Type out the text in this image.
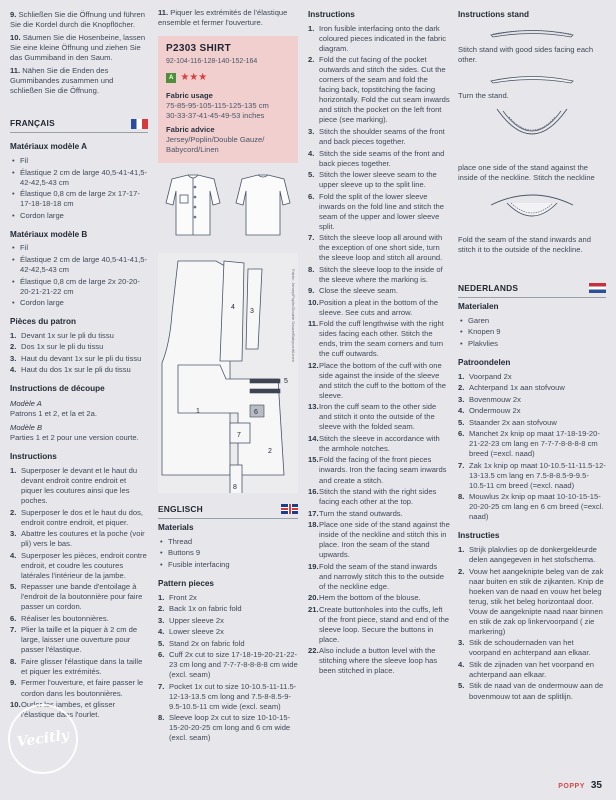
9. Schließen Sie die Öffnung und führen Sie die Kordel durch die Knopflöcher.

10. Säumen Sie die Hosenbeine, lassen Sie eine kleine Öffnung und ziehen Sie das Gummiband in den Saum.

11. Nähen Sie die Enden des Gummibandes zusammen und schließen Sie die Öffnung.

FRANÇAIS
Matériaux modèle A
• Fil
• Élastique 2 cm de large 40,5-41-41,5-42-42,5-43 cm
• Élastique 0,8 cm de large 2x 17-17-17-18-18-18 cm
• Cordon large
Matériaux modèle B
• Fil
• Élastique 2 cm de large 40,5-41-41,5-42-42,5-43 cm
• Élastique 0,8 cm de large 2x 20-20-20-21-21-22 cm
• Cordon large
Pièces du patron
1. Devant 1x sur le pli du tissu
2. Dos 1x sur le pli du tissu
3. Haut du devant 1x sur le pli du tissu
4. Haut du dos 1x sur le pli du tissu
Instructions de découpe
Modèle A

Patrons 1 et 2, et la et 2a.

Modèle B

Parties 1 et 2 pour une version courte.

Instructions
1. Superposer le devant et le haut du devant endroit contre endroit et piquer les coutures ainsi que les poches.
2. Superposer le dos et le haut du dos, endroit contre endroit, et piquer.
3. Abattre les coutures et la poche (voir pli) vers le bas.
4. Superposer les pièces, endroit contre endroit, et coudre les coutures latérales l'intérieur de la jambe.
5. Repasser une bande d'entoilage à l'endroit de la boutonnière pour faire passer un cordon.
6. Réaliser les boutonnières.
7. Plier la taille et la piquer à 2 cm de large, laisser une ouverture pour passer l'élastique.
8. Faire glisser l'élastique dans la taille et piquer les extrémités.
9. Fermer l'ouverture, et faire passer le cordon dans les boutonnières.
10. Ourler les jambes, et glisser l'élastique dans l'ourlet.

11. Piquer les extrémités de l'élastique ensemble et fermer l'ouverture.

P2303 SHIRT
92-104-116-128-140-152-164
A ★★★
Fabric usage
75-85-95-105-115-125-135 cm
30-33-37-41-45-49-53 inches
Fabric advice
Jersey/Poplin/Double Gauze/ Babycord/Linen

1
2
3
4
5
6
7
8
Fabric: Jersey/Poplin/Double Gauze/Babycord/Linen
ENGLISCH
Materials
• Thread
• Buttons 9
• Fusible interfacing
Pattern pieces
1. Front 2x
2. Back 1x on fabric fold
3. Upper sleeve 2x
4. Lower sleeve 2x
5. Stand 2x on fabric fold
6. Cuff 2x cut to size 17-18-19-20-21-22-23 cm long and 7-7-7-8-8-8-8 cm wide (excl. seam)
7. Pocket 1x cut to size 10-10.5-11-11.5-12-13-13.5 cm long and 7.5-8-8.5-9-9.5-10.5-11 cm wide (excl. seam)
8. Sleeve loop 2x cut to size 10-10-15-15-20-20-25 cm long and 6 cm wide (excl. seam)
Instructions
1. Iron fusible interfacing onto the dark coloured pieces indicated in the fabric diagram.
2. Fold the cut facing of the pocket outwards and stitch the sides. Cut the corners of the seam and fold the facing back, topstitching the facing horizontally. Fold the cut seam inwards and stitch the pocket on the left front piece (see marking).
3. Stitch the shoulder seams of the front and back pieces together.
4. Stitch the side seams of the front and back pieces together.
5. Stitch the lower sleeve seam to the upper sleeve up to the split line.
6. Fold the split of the lower sleeve inwards on the fold line and stitch the seam of the upper and lower sleeve split.
7. Stitch the sleeve loop all around with the exception of one short side, turn the sleeve loop and stitch all around.
8. Stitch the sleeve loop to the inside of the sleeve where the marking is.
9. Close the sleeve seam.
10. Position a pleat in the bottom of the sleeve. See cuts and arrow.
11. Fold the cuff lengthwise with the right sides facing each other. Stitch the ends, trim the seam corners and turn the cuff outwards.
12. Place the bottom of the cuff with one side against the inside of the sleeve and stitch the cuff to the bottom of the sleeve.
13. Iron the cuff seam to the other side and stitch it onto the outside of the sleeve with the folded seam.
14. Stitch the sleeve in accordance with the armhole notches.
15. Fold the facing of the front pieces inwards. Iron the facing seam inwards and create a stitch.
16. Stitch the stand with the right sides facing each other at the top.
17. Turn the stand outwards.
18. Place one side of the stand against the inside of the neckline and stitch this in place. Iron the seam of the stand upwards.
19. Fold the seam of the stand inwards and narrowly stitch this to the outside of the neckline edge.
20. Hem the bottom of the blouse.
21. Create buttonholes into the cuffs, left of the front piece, stand and end of the sleeve loop. Secure the buttons in place.
22. Also include a button level with the stitching where the sleeve loop has been stitched in place.
Instructions stand

Stitch stand with good sides facing each other.

Turn the stand.

place one side of the stand against the inside of the neckline. Stitch the neckline

Fold the seam of the stand inwards and stitch it to the outside of the neckline.

NEDERLANDS
Materialen
• Garen
• Knopen 9
• Plakvlies
Patroondelen
1. Voorpand 2x
2. Achterpand 1x aan stofvouw
3. Bovenmouw 2x
4. Ondermouw 2x
5. Staander 2x aan stofvouw
6. Manchet 2x knip op maat 17-18-19-20-21-22-23 cm lang en 7-7-7-8-8-8-8 cm breed (=excl. naad)
7. Zak 1x knip op maat 10-10.5-11-11.5-12-13-13.5 cm lang en 7.5-8-8.5-9-9.5-10.5-11 cm breed (=excl. naad)
8. Mouwlus 2x knip op maat 10-10-15-15-20-20-25 cm lang en 6 cm breed (=excl. naad)
Instructies
1. Strijk plakvlies op de donkergekleurde delen aangegeven in het stofschema.
2. Vouw het aangeknipte beleg van de zak naar buiten en stik de zijkanten. Knip de hoeken van de naad en vouw het beleg terug, stik het beleg horizontaal door. Vouw de aangeknipte naad naar binnen en stik de zak op linkervoorpand ( zie markering)
3. Stik de schoudernaden van het voorpand en achterpand aan elkaar.
4. Stik de zijnaden van het voorpand en achterpand aan elkaar.
5. Stik de naad van de ondermouw aan de bovenmouw tot aan de splitlijn.
Vecitly
POPPY 35
